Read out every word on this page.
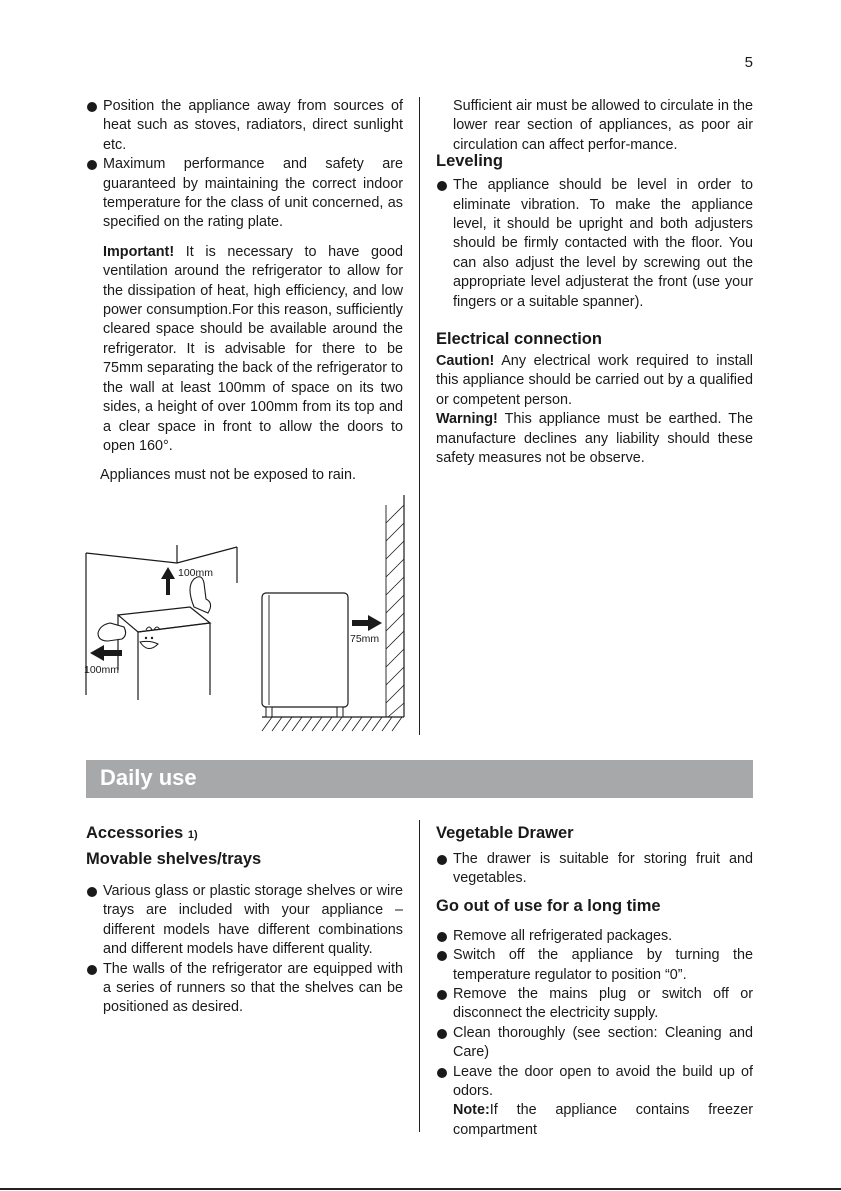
5

Position the appliance away from sources of heat such as stoves, radiators, direct sunlight etc.

Maximum performance and safety are guaranteed by maintaining the correct indoor temperature for the class of unit concerned, as specified on the rating plate.

Important! It is necessary to have good ventilation around the refrigerator to allow for the dissipation of heat, high efficiency, and low power consumption.For this reason, sufficiently cleared space should be available around the refrigerator. It is advisable for there to be 75mm separating the back of the refrigerator to the wall at least 100mm of space on its two sides, a height of over 100mm from its top and a clear space in front to allow the doors to open 160°.

Appliances must not be exposed to rain.

100mm
100mm
75mm

Sufficient air must be allowed to circulate in the lower rear section of appliances, as poor air circulation can affect perfor-mance.

Leveling

The appliance should be level in order to eliminate vibration. To make the appliance level, it should be upright and both adjusters should be firmly contacted with the floor. You can also adjust the level by screwing out the appropriate level adjusterat the front (use your fingers or a suitable spanner).

Electrical connection

Caution! Any electrical work required to install this appliance should be carried out by a qualified or competent person.

Warning! This appliance must be earthed. The manufacture declines any liability should these safety measures not be observe.

Daily use
Accessories 1)
Movable shelves/trays

Various glass or plastic storage shelves or wire trays are included with your appliance – different models have different combinations and different models have different quality.

The walls of the refrigerator are equipped with a series of runners so that the shelves can be positioned as desired.

Vegetable Drawer

The drawer is suitable for storing fruit and vegetables.

Go out of use for a long time

Remove all refrigerated packages.

Switch off the appliance by turning the temperature regulator to position “0”.

Remove the mains plug or switch off or disconnect the electricity supply.

Clean thoroughly (see section: Cleaning and Care)

Leave the door open to avoid the build up of odors.

Note:If the appliance contains freezer compartment
